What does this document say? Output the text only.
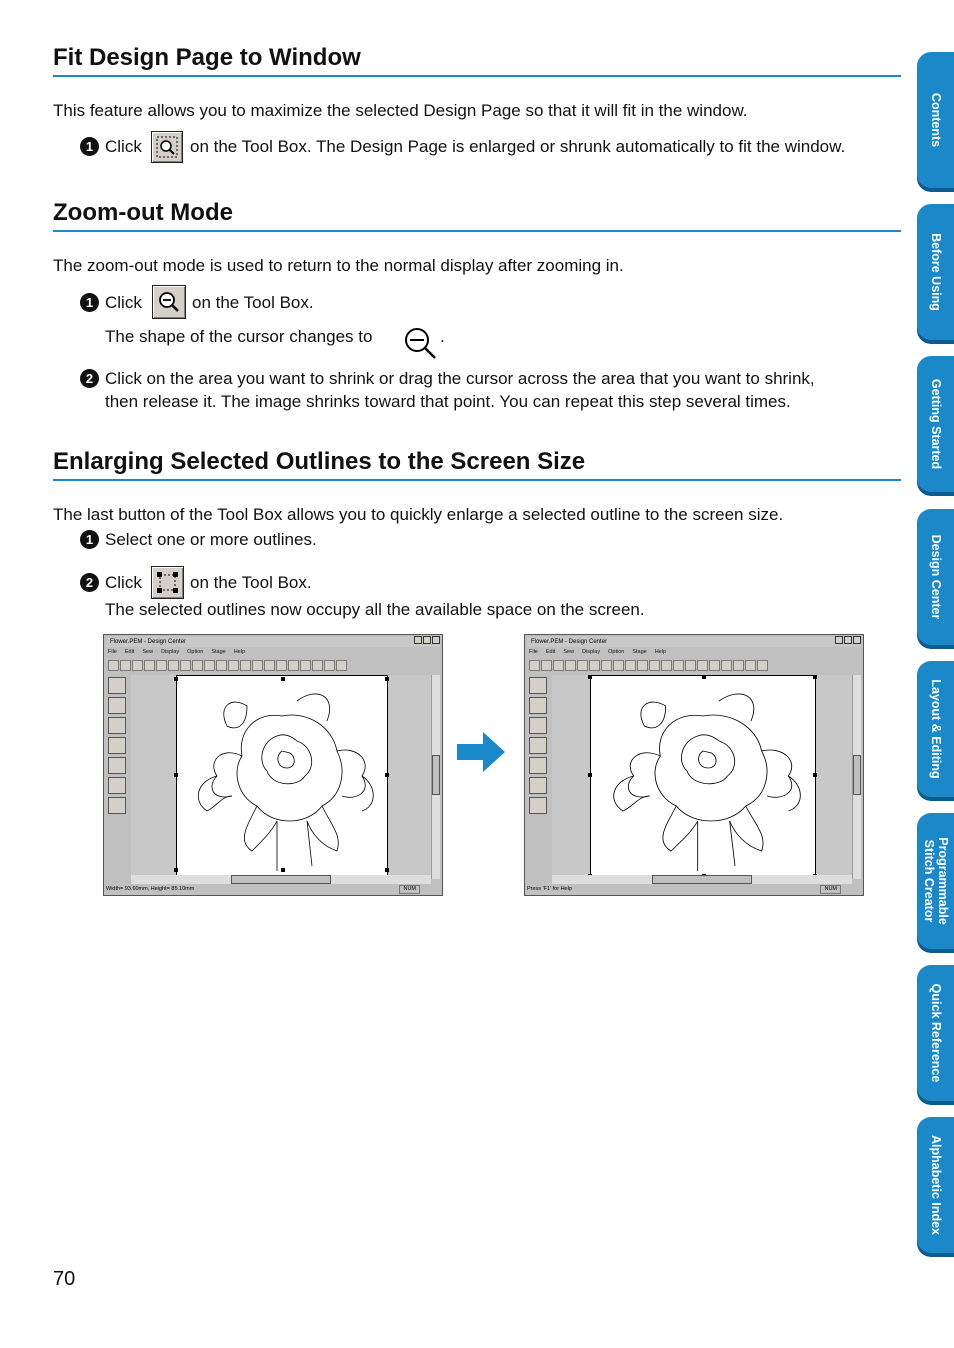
Fit Design Page to Window
This feature allows you to maximize the selected Design Page so that it will fit in the window.
1 Click	on the Tool Box. The Design Page is enlarged or shrunk automatically to fit the window.
Zoom-out Mode
The zoom-out mode is used to return to the normal display after zooming in.
1 Click	on the Tool Box.
The shape of the cursor changes to	.
2 Click on the area you want to shrink or drag the cursor across the area that you want to shrink,
then release it. The image shrinks toward that point. You can repeat this step several times.
Enlarging Selected Outlines to the Screen Size
The last button of the Tool Box allows you to quickly enlarge a selected outline to the screen size.
1 Select one or more outlines.
2 Click	on the Tool Box.
The selected outlines now occupy all the available space on the screen.
Flower.PEM - Design Center
File Edit Sew Display Option Stage Help
Width= 93.60mm, Height= 85.10mm	NUM
Flower.PEM - Design Center
File Edit Sew Display Option Stage Help
Press 'F1' for Help	NUM
Contents
Before Using
Getting Started
Design Center
Layout & Editing
Programmable
Stitch Creator
Quick Reference
Alphabetic Index
70
